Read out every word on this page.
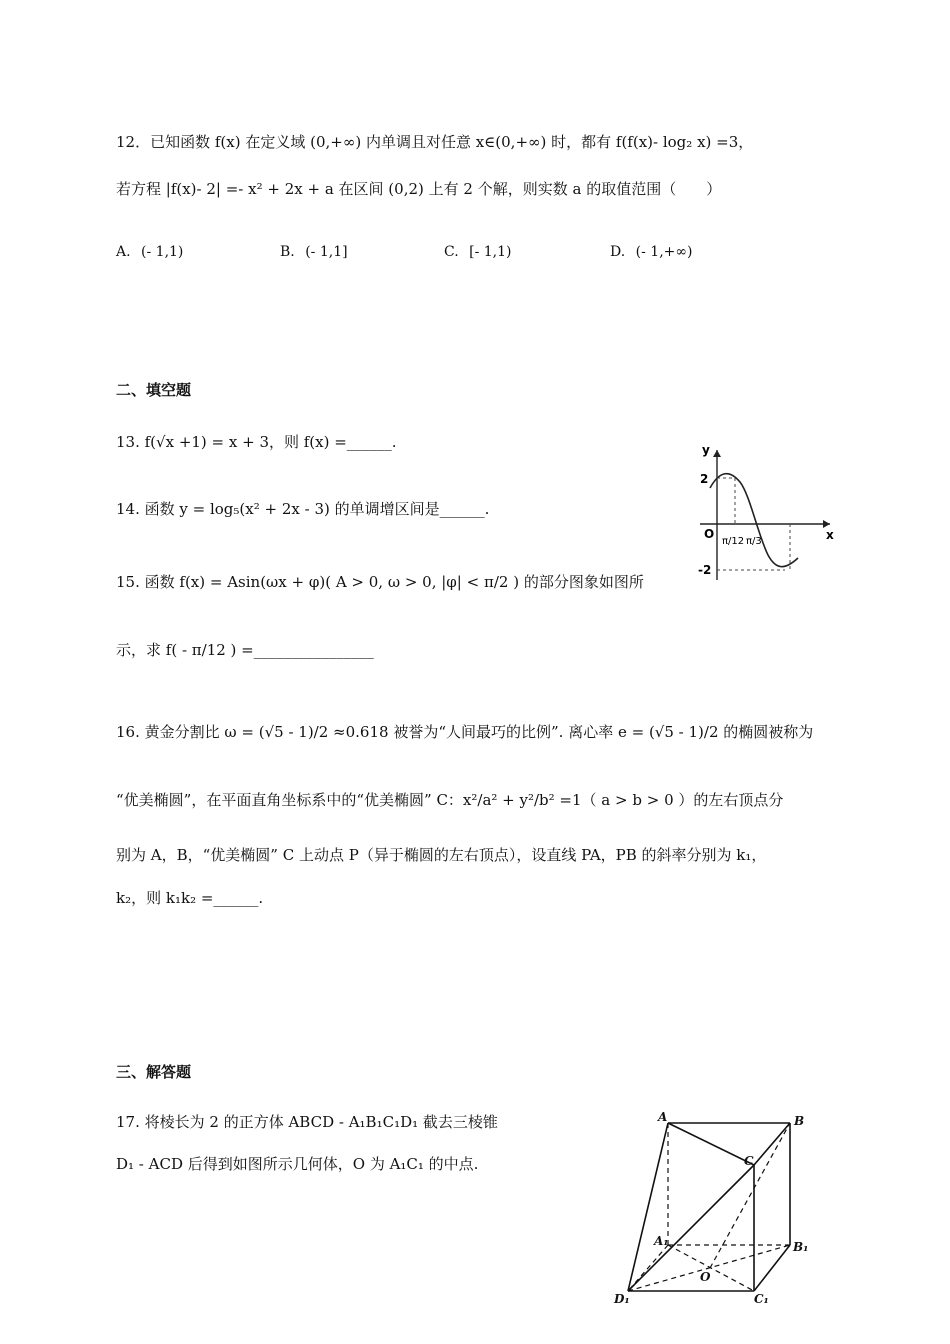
12．已知函数 f(x) 在定义域 (0,+∞) 内单调且对任意 x∈(0,+∞) 时，都有 f(f(x)- log₂ x) =3，
若方程 |f(x)- 2| =- x² + 2x + a 在区间 (0,2) 上有 2 个解，则实数 a 的取值范围（　　）
A. (- 1,1)	B. (- 1,1]	C. [- 1,1)	D. (- 1,+∞)
二、填空题
13. f(√x +1) = x + 3，则 f(x) =______.
14. 函数 y = log₅(x² + 2x - 3) 的单调增区间是______.
15. 函数 f(x) = Asin(ωx + φ)( A > 0, ω > 0, |φ| < π/2 ) 的部分图象如图所
示，求 f( - π/12 ) =________________
y
x
O
2
-2
π/12 π/3
16. 黄金分割比 ω = (√5 - 1)/2 ≈0.618 被誉为“人间最巧的比例”. 离心率 e = (√5 - 1)/2 的椭圆被称为
“优美椭圆”，在平面直角坐标系中的“优美椭圆” C：x²/a² + y²/b² =1（ a > b > 0 ）的左右顶点分
别为 A，B，“优美椭圆” C 上动点 P（异于椭圆的左右顶点），设直线 PA，PB 的斜率分别为 k₁，
k₂，则 k₁k₂ =______.
三、解答题
17. 将棱长为 2 的正方体 ABCD - A₁B₁C₁D₁ 截去三棱锥
D₁ - ACD 后得到如图所示几何体，O 为 A₁C₁ 的中点.
A	B
C
A₁	B₁
C₁
D₁
O
